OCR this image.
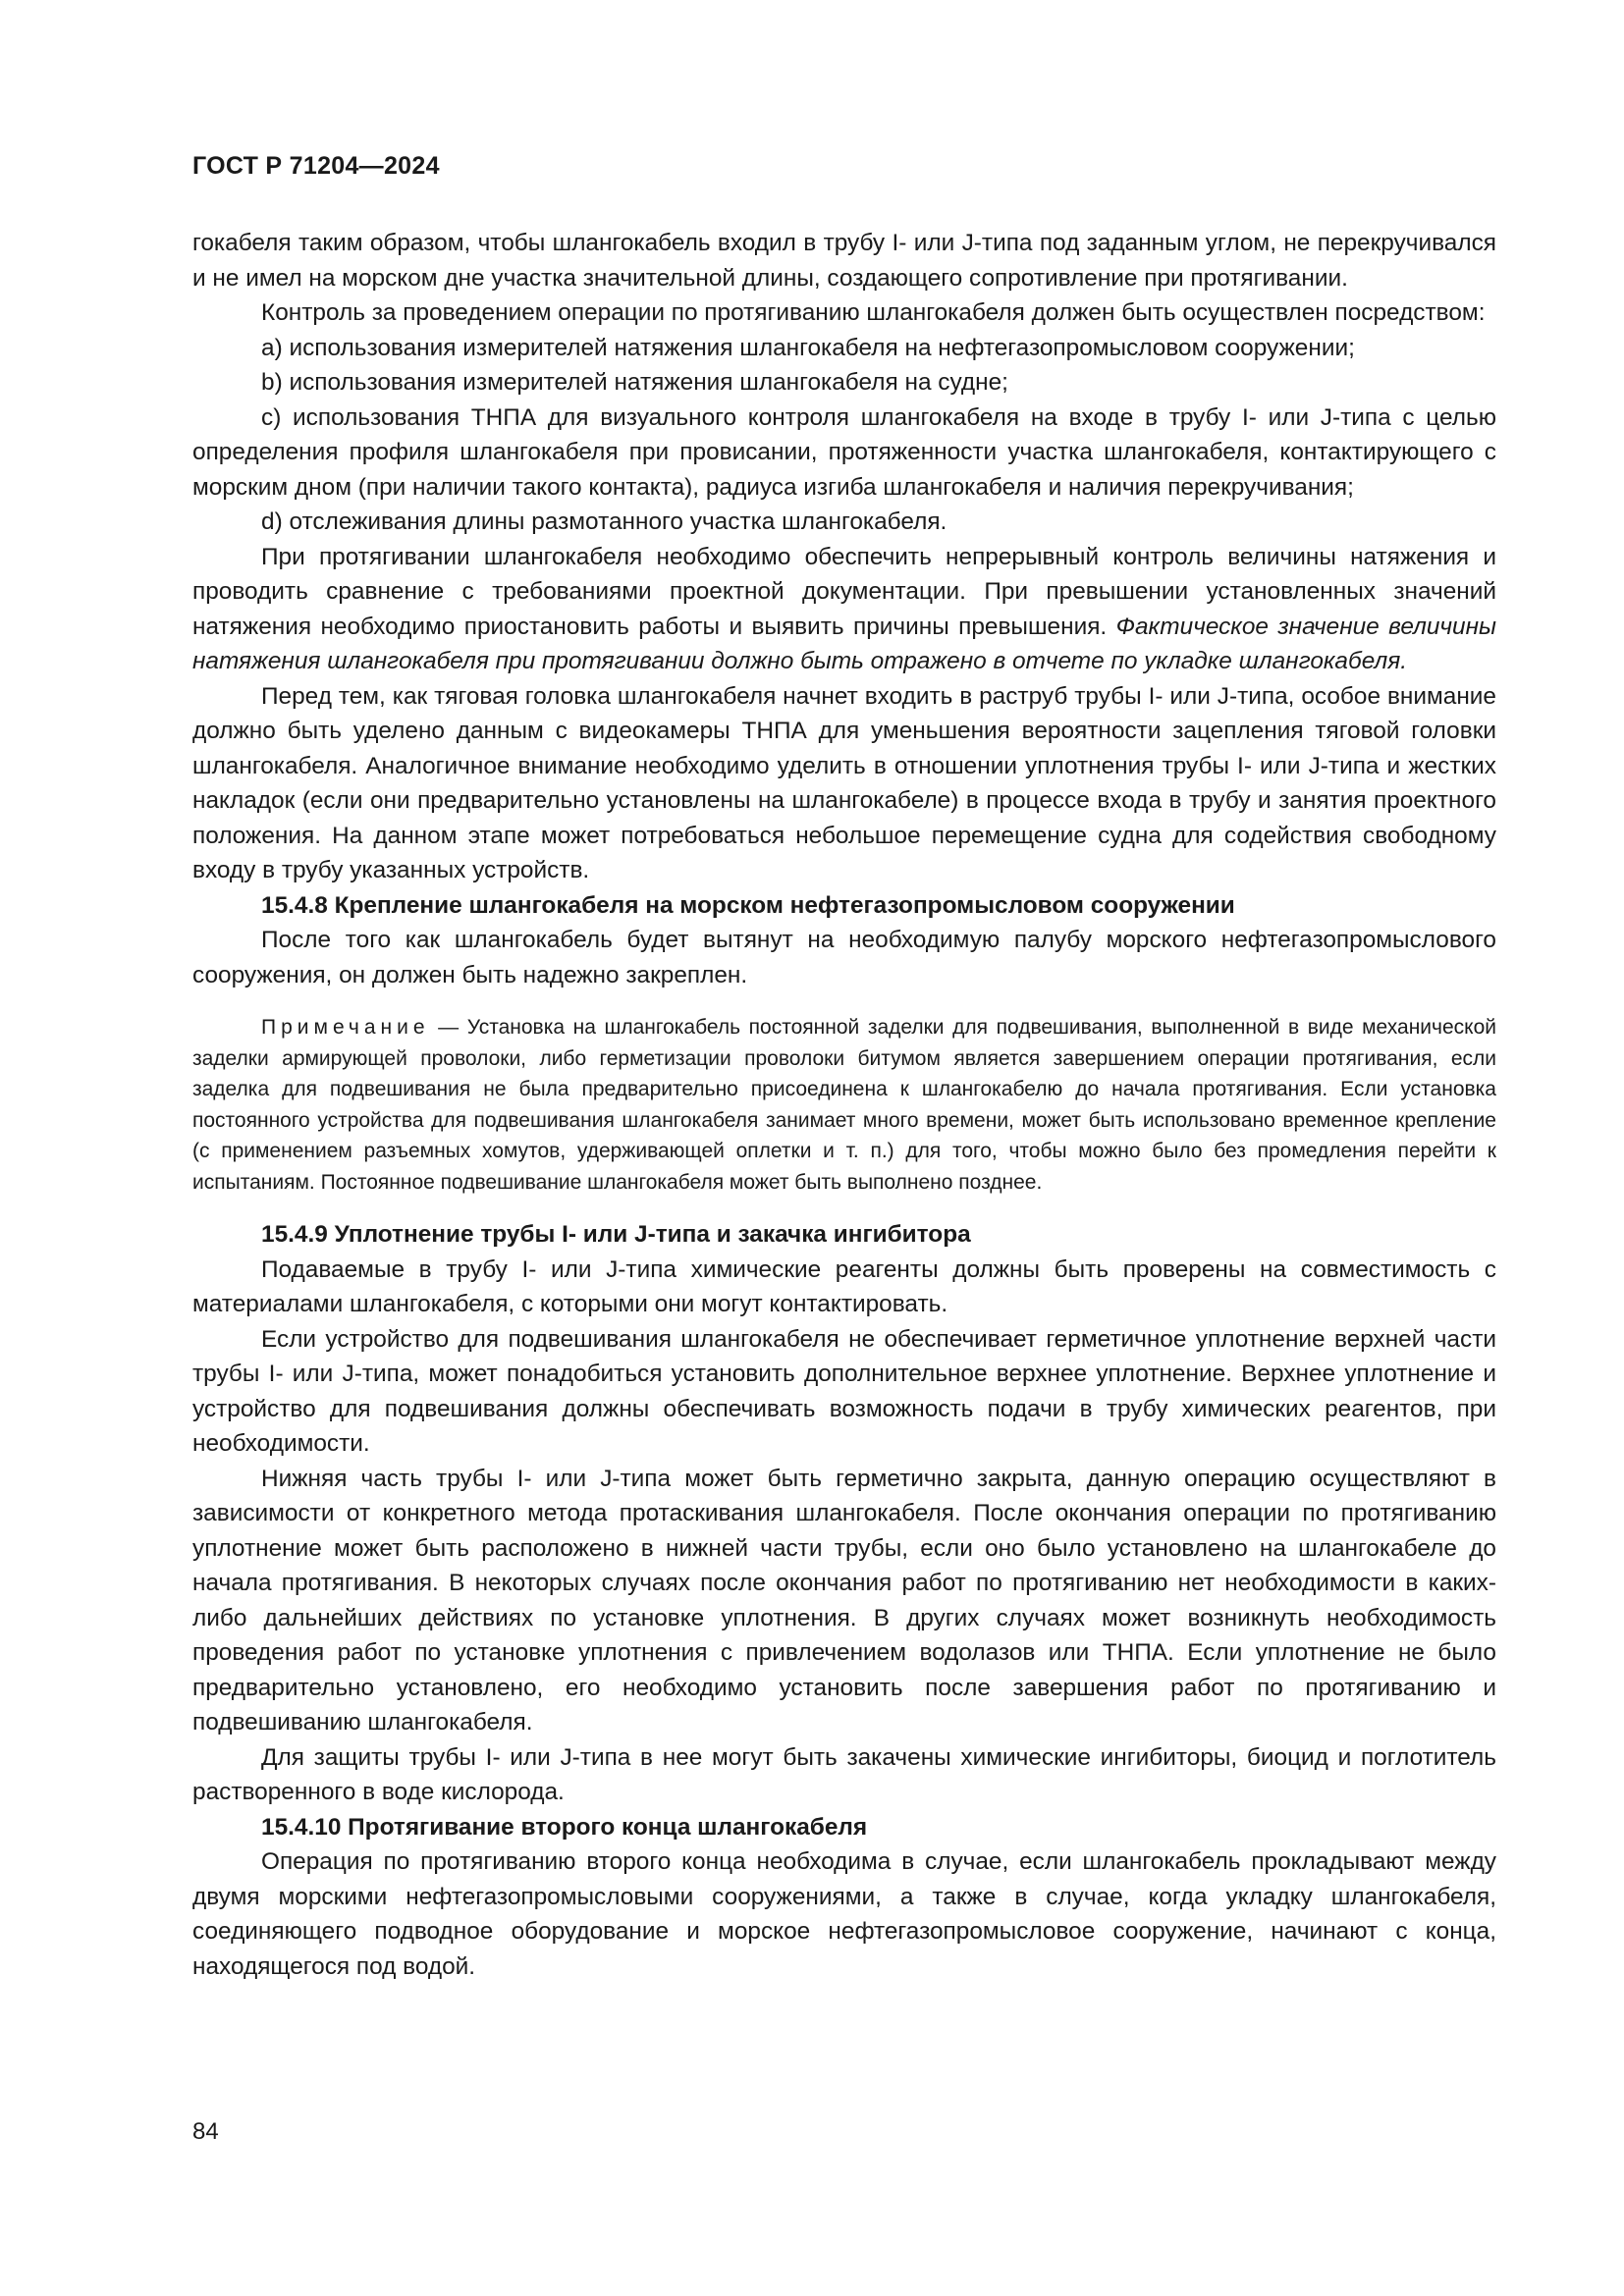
ГОСТ Р 71204—2024

гокабеля таким образом, чтобы шлангокабель входил в трубу I- или J-типа под заданным углом, не перекручивался и не имел на морском дне участка значительной длины, создающего сопротивление при протягивании.

Контроль за проведением операции по протягиванию шлангокабеля должен быть осуществлен посредством:

a) использования измерителей натяжения шлангокабеля на нефтегазопромысловом сооружении;

b) использования измерителей натяжения шлангокабеля на судне;

c) использования ТНПА для визуального контроля шлангокабеля на входе в трубу I- или J-типа с целью определения профиля шлангокабеля при провисании, протяженности участка шлангокабеля, контактирующего с морским дном (при наличии такого контакта), радиуса изгиба шлангокабеля и наличия перекручивания;

d) отслеживания длины размотанного участка шлангокабеля.

При протягивании шлангокабеля необходимо обеспечить непрерывный контроль величины натяжения и проводить сравнение с требованиями проектной документации. При превышении установленных значений натяжения необходимо приостановить работы и выявить причины превышения. Фактическое значение величины натяжения шлангокабеля при протягивании должно быть отражено в отчете по укладке шлангокабеля.

Перед тем, как тяговая головка шлангокабеля начнет входить в раструб трубы I- или J-типа, особое внимание должно быть уделено данным с видеокамеры ТНПА для уменьшения вероятности зацепления тяговой головки шлангокабеля. Аналогичное внимание необходимо уделить в отношении уплотнения трубы I- или J-типа и жестких накладок (если они предварительно установлены на шлангокабеле) в процессе входа в трубу и занятия проектного положения. На данном этапе может потребоваться небольшое перемещение судна для содействия свободному входу в трубу указанных устройств.

15.4.8 Крепление шлангокабеля на морском нефтегазопромысловом сооружении

После того как шлангокабель будет вытянут на необходимую палубу морского нефтегазопромыслового сооружения, он должен быть надежно закреплен.

Примечание — Установка на шлангокабель постоянной заделки для подвешивания, выполненной в виде механической заделки армирующей проволоки, либо герметизации проволоки битумом является завершением операции протягивания, если заделка для подвешивания не была предварительно присоединена к шлангокабелю до начала протягивания. Если установка постоянного устройства для подвешивания шлангокабеля занимает много времени, может быть использовано временное крепление (с применением разъемных хомутов, удерживающей оплетки и т. п.) для того, чтобы можно было без промедления перейти к испытаниям. Постоянное подвешивание шлангокабеля может быть выполнено позднее.

15.4.9 Уплотнение трубы I- или J-типа и закачка ингибитора

Подаваемые в трубу I- или J-типа химические реагенты должны быть проверены на совместимость с материалами шлангокабеля, с которыми они могут контактировать.

Если устройство для подвешивания шлангокабеля не обеспечивает герметичное уплотнение верхней части трубы I- или J-типа, может понадобиться установить дополнительное верхнее уплотнение. Верхнее уплотнение и устройство для подвешивания должны обеспечивать возможность подачи в трубу химических реагентов, при необходимости.

Нижняя часть трубы I- или J-типа может быть герметично закрыта, данную операцию осуществляют в зависимости от конкретного метода протаскивания шлангокабеля. После окончания операции по протягиванию уплотнение может быть расположено в нижней части трубы, если оно было установлено на шлангокабеле до начала протягивания. В некоторых случаях после окончания работ по протягиванию нет необходимости в каких-либо дальнейших действиях по установке уплотнения. В других случаях может возникнуть необходимость проведения работ по установке уплотнения с привлечением водолазов или ТНПА. Если уплотнение не было предварительно установлено, его необходимо установить после завершения работ по протягиванию и подвешиванию шлангокабеля.

Для защиты трубы I- или J-типа в нее могут быть закачены химические ингибиторы, биоцид и поглотитель растворенного в воде кислорода.

15.4.10 Протягивание второго конца шлангокабеля

Операция по протягиванию второго конца необходима в случае, если шлангокабель прокладывают между двумя морскими нефтегазопромысловыми сооружениями, а также в случае, когда укладку шлангокабеля, соединяющего подводное оборудование и морское нефтегазопромысловое сооружение, начинают с конца, находящегося под водой.

84
